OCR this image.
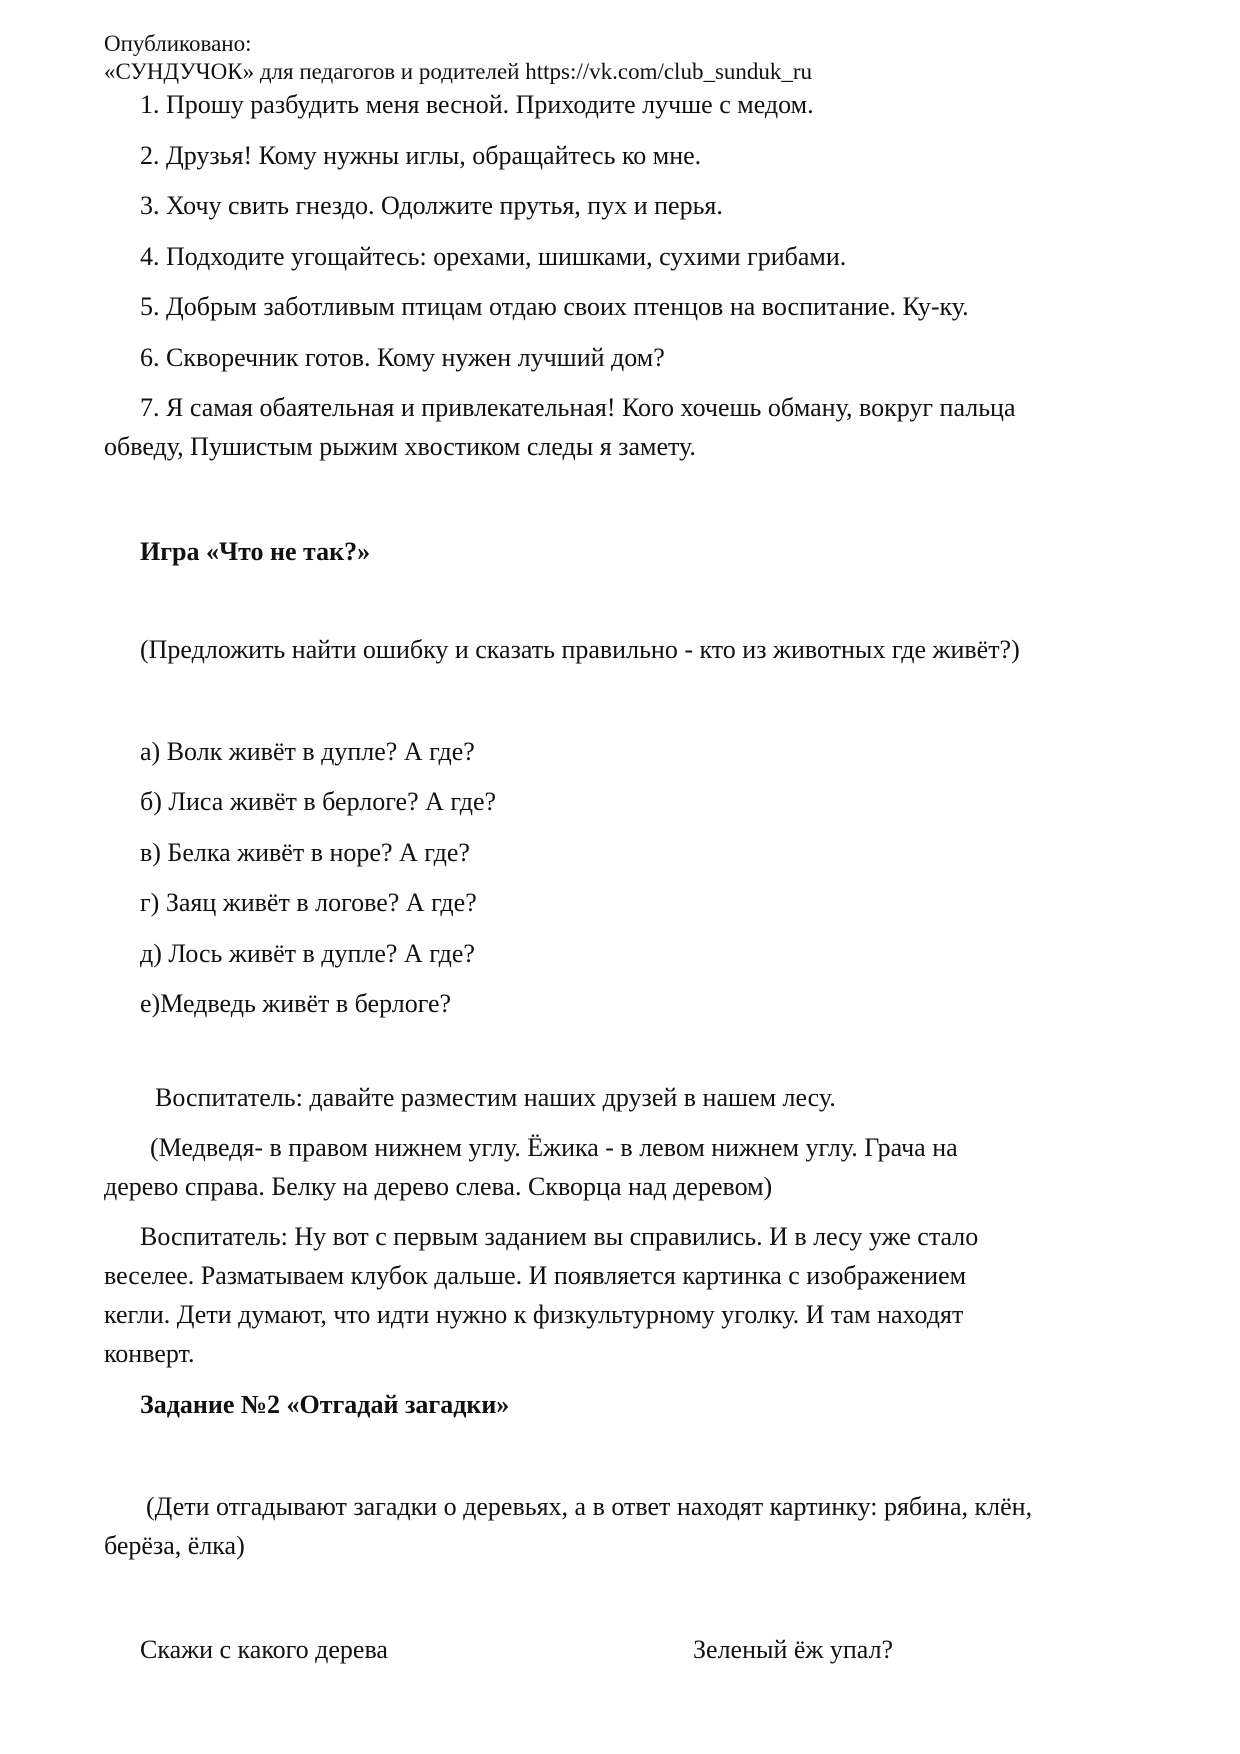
Опубликовано:
«СУНДУЧОК» для педагогов и родителей https://vk.com/club_sunduk_ru
1. Прошу разбудить меня весной. Приходите лучше с медом.
2. Друзья! Кому нужны иглы, обращайтесь ко мне.
3. Хочу свить гнездо. Одолжите прутья, пух и перья.
4. Подходите угощайтесь: орехами, шишками, сухими грибами.
5. Добрым заботливым птицам отдаю своих птенцов на воспитание. Ку-ку.
6. Скворечник готов. Кому нужен лучший дом?
7. Я самая обаятельная и привлекательная! Кого хочешь обману, вокруг пальца
обведу, Пушистым рыжим хвостиком следы я замету.
Игра «Что не так?»
(Предложить найти ошибку и сказать правильно - кто из животных где живёт?)
а) Волк живёт в дупле? А где?
б) Лиса живёт в берлоге? А где?
в) Белка живёт в норе? А где?
г) Заяц живёт в логове? А где?
д) Лось живёт в дупле? А где?
е)Медведь живёт в берлоге?
Воспитатель: давайте разместим наших друзей в нашем лесу.
(Медведя- в правом нижнем углу. Ёжика - в левом нижнем углу. Грача на
дерево справа. Белку на дерево слева. Скворца над деревом)
Воспитатель: Ну вот с первым заданием вы справились. И в лесу уже стало
веселее. Разматываем клубок дальше. И появляется картинка с изображением
кегли. Дети думают, что идти нужно к физкультурному уголку. И там находят
конверт.
Задание №2 «Отгадай загадки»
(Дети отгадывают загадки о деревьях, а в ответ находят картинку: рябина, клён,
берёза, ёлка)
Скажи с какого дерева	Зеленый ёж упал?
